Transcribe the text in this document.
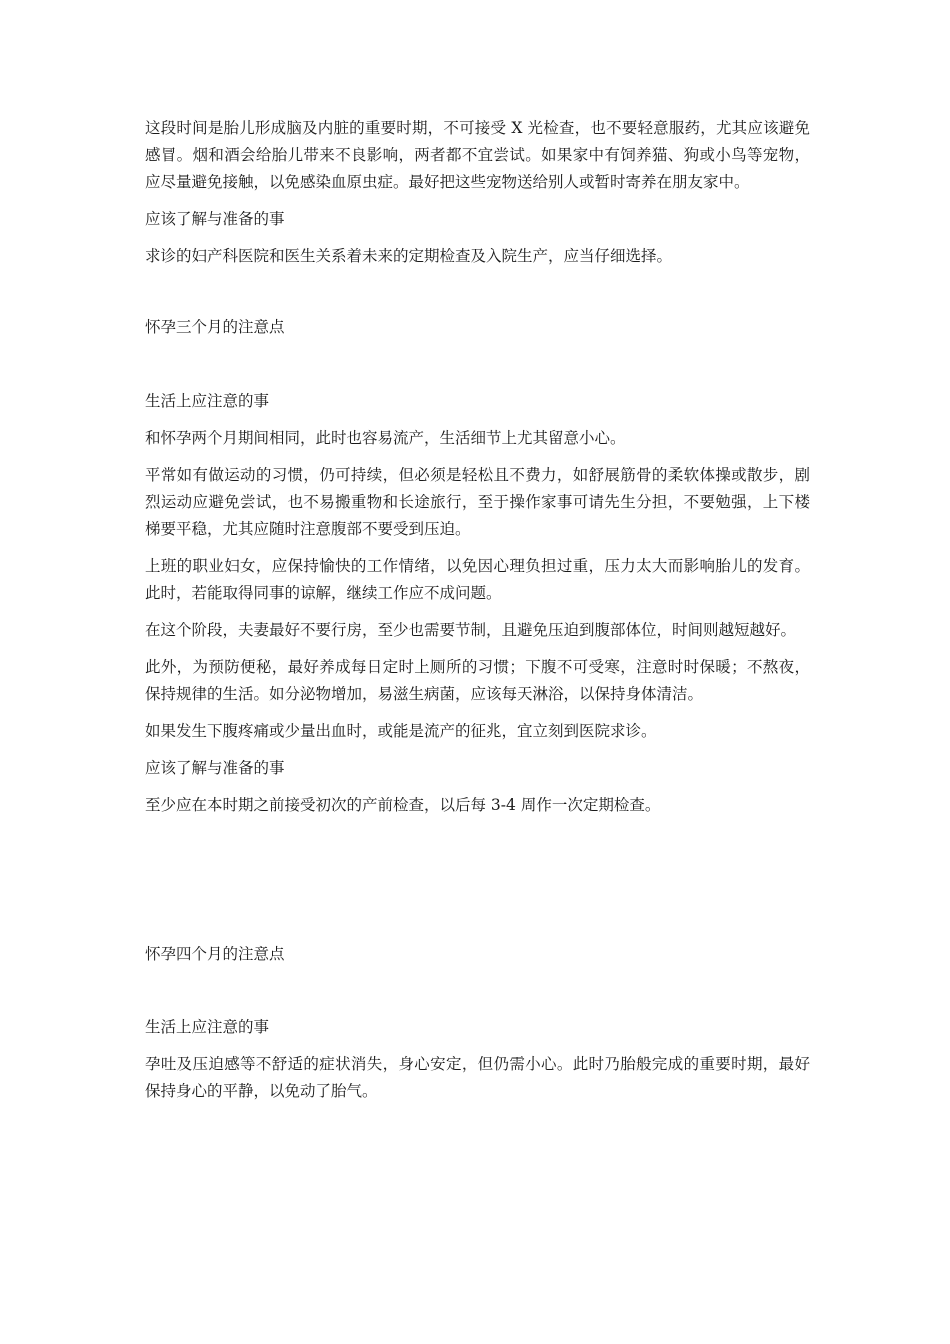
这段时间是胎儿形成脑及内脏的重要时期，不可接受 X 光检查，也不要轻意服药，尤其应该避免感冒。烟和酒会给胎儿带来不良影响，两者都不宜尝试。如果家中有饲养猫、狗或小鸟等宠物，应尽量避免接触，以免感染血原虫症。最好把这些宠物送给别人或暂时寄养在朋友家中。

应该了解与准备的事

求诊的妇产科医院和医生关系着未来的定期检查及入院生产，应当仔细选择。

怀孕三个月的注意点

生活上应注意的事

和怀孕两个月期间相同，此时也容易流产，生活细节上尤其留意小心。

平常如有做运动的习惯，仍可持续，但必须是轻松且不费力，如舒展筋骨的柔软体操或散步，剧烈运动应避免尝试，也不易搬重物和长途旅行，至于操作家事可请先生分担，不要勉强，上下楼梯要平稳，尤其应随时注意腹部不要受到压迫。

上班的职业妇女，应保持愉快的工作情绪，以免因心理负担过重，压力太大而影响胎儿的发育。此时，若能取得同事的谅解，继续工作应不成问题。

在这个阶段，夫妻最好不要行房，至少也需要节制，且避免压迫到腹部体位，时间则越短越好。

此外，为预防便秘，最好养成每日定时上厕所的习惯；下腹不可受寒，注意时时保暖；不熬夜，保持规律的生活。如分泌物增加，易滋生病菌，应该每天淋浴，以保持身体清洁。

如果发生下腹疼痛或少量出血时，或能是流产的征兆，宜立刻到医院求诊。

应该了解与准备的事

至少应在本时期之前接受初次的产前检查，以后每 3-4 周作一次定期检查。

怀孕四个月的注意点

生活上应注意的事

孕吐及压迫感等不舒适的症状消失，身心安定，但仍需小心。此时乃胎般完成的重要时期，最好保持身心的平静，以免动了胎气。
